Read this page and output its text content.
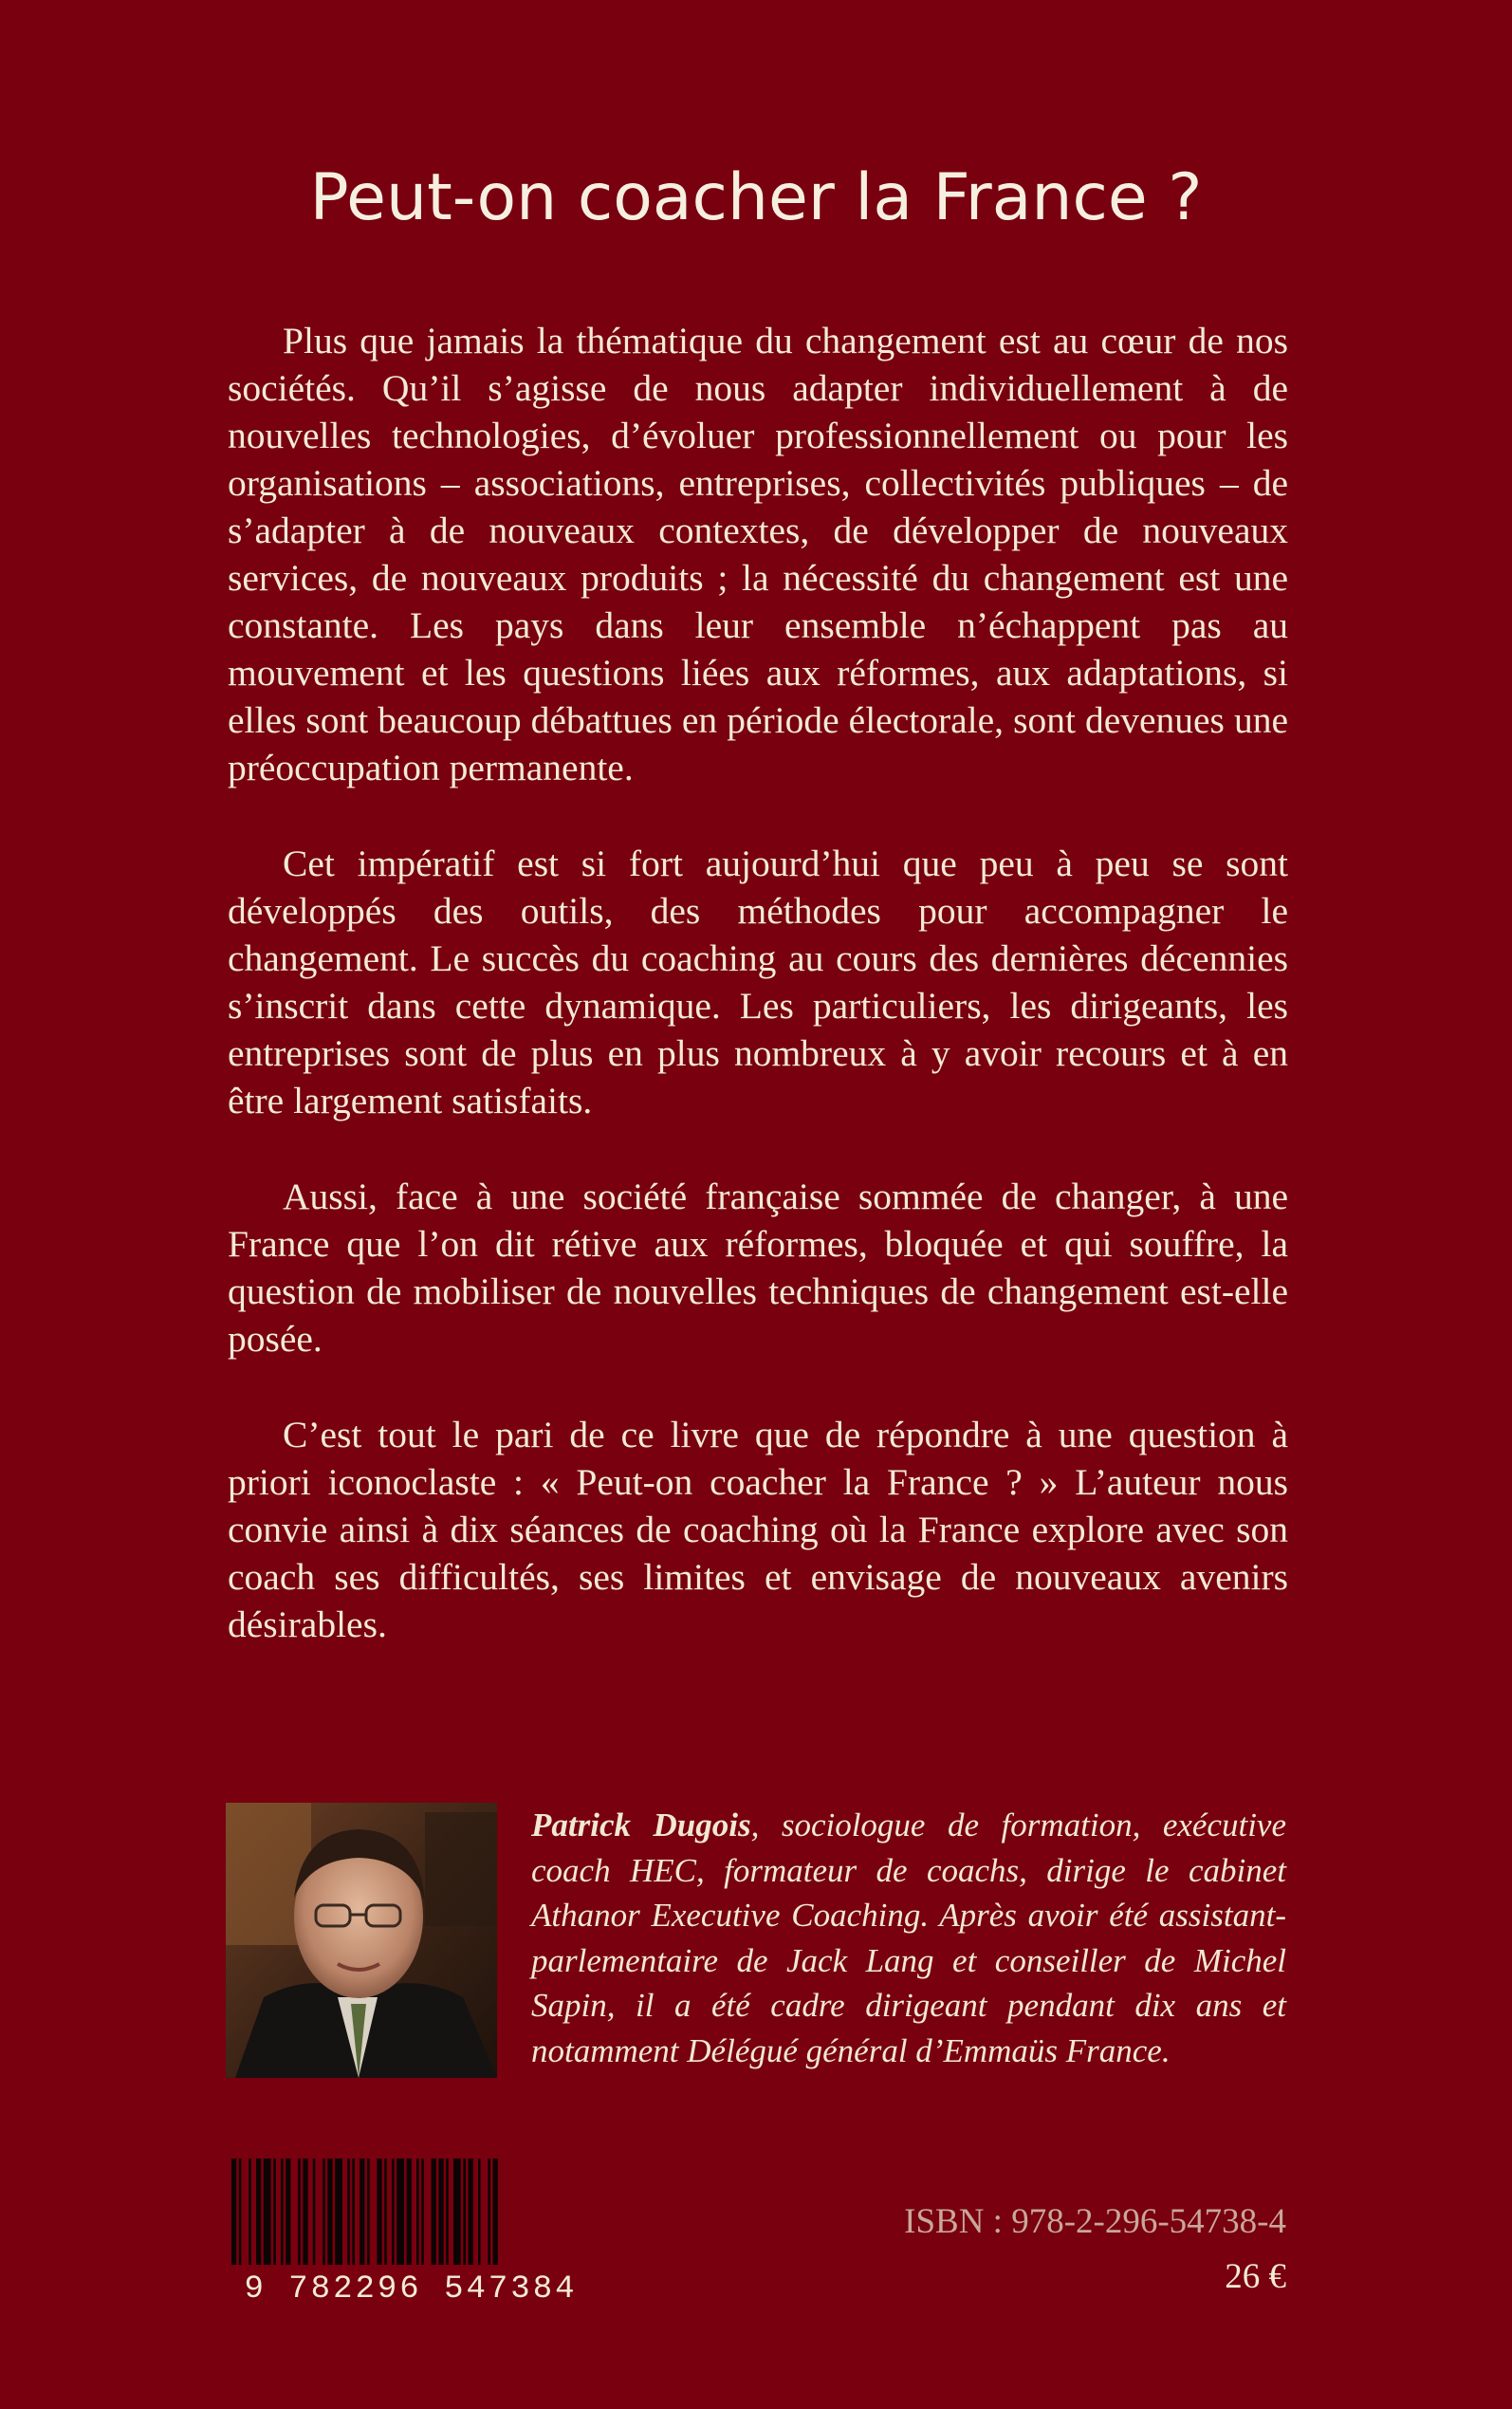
Peut-on coacher la France ?

Plus que jamais la thématique du changement est au cœur de nos sociétés. Qu’il s’agisse de nous adapter individuellement à de nouvelles technologies, d’évoluer professionnellement ou pour les organisations – associations, entreprises, collectivités publiques – de s’adapter à de nouveaux contextes, de développer de nouveaux services, de nouveaux produits ; la nécessité du changement est une constante. Les pays dans leur ensemble n’échappent pas au mouvement et les questions liées aux réformes, aux adaptations, si elles sont beaucoup débattues en période électorale, sont devenues une préoccupation permanente.

Cet impératif est si fort aujourd’hui que peu à peu se sont développés des outils, des méthodes pour accompagner le changement. Le succès du coaching au cours des dernières décennies s’inscrit dans cette dynamique. Les particuliers, les dirigeants, les entreprises sont de plus en plus nombreux à y avoir recours et à en être largement satisfaits.

Aussi, face à une société française sommée de changer, à une France que l’on dit rétive aux réformes, bloquée et qui souffre, la question de mobiliser de nouvelles techniques de changement est-elle posée.

C’est tout le pari de ce livre que de répondre à une question à priori iconoclaste : « Peut-on coacher la France ? » L’auteur nous convie ainsi à dix séances de coaching où la France explore avec son coach ses difficultés, ses limites et envisage de nouveaux avenirs désirables.

Patrick Dugois, sociologue de formation, exécutive coach HEC, formateur de coachs, dirige le cabinet Athanor Executive Coaching. Après avoir été assistant-parlementaire de Jack Lang et conseiller de Michel Sapin, il a été cadre dirigeant pendant dix ans et notamment Délégué général d’Emmaüs France.
9 782296 547384
ISBN : 978-2-296-54738-4
26 €
